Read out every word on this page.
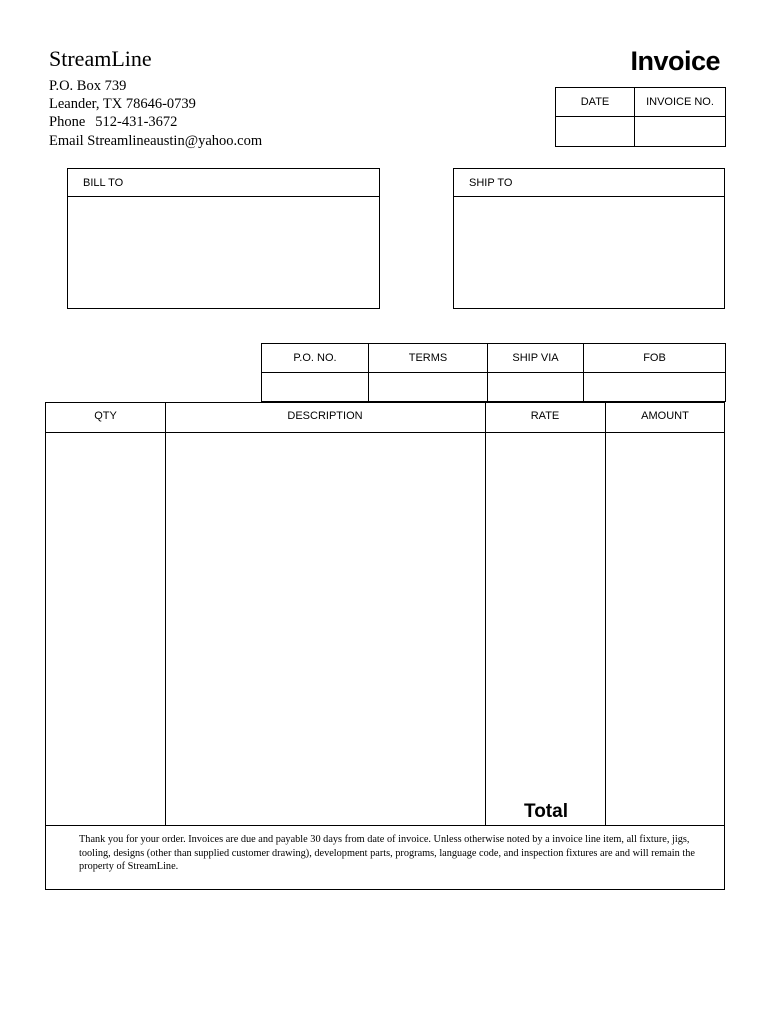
StreamLine
P.O. Box 739
Leander, TX 78646-0739
Phone 512-431-3672
Email Streamlineaustin@yahoo.com
Invoice
DATE	INVOICE NO.

BILL TO	SHIP TO
P.O. NO.	TERMS	SHIP VIA	FOB

QTY	DESCRIPTION	RATE	AMOUNT
Total
Thank you for your order. Invoices are due and payable 30 days from date of invoice. Unless otherwise noted by a invoice line item, all fixture, jigs, tooling, designs (other than supplied customer drawing), development parts, programs, language code, and inspection fixtures are and will remain the property of StreamLine.
